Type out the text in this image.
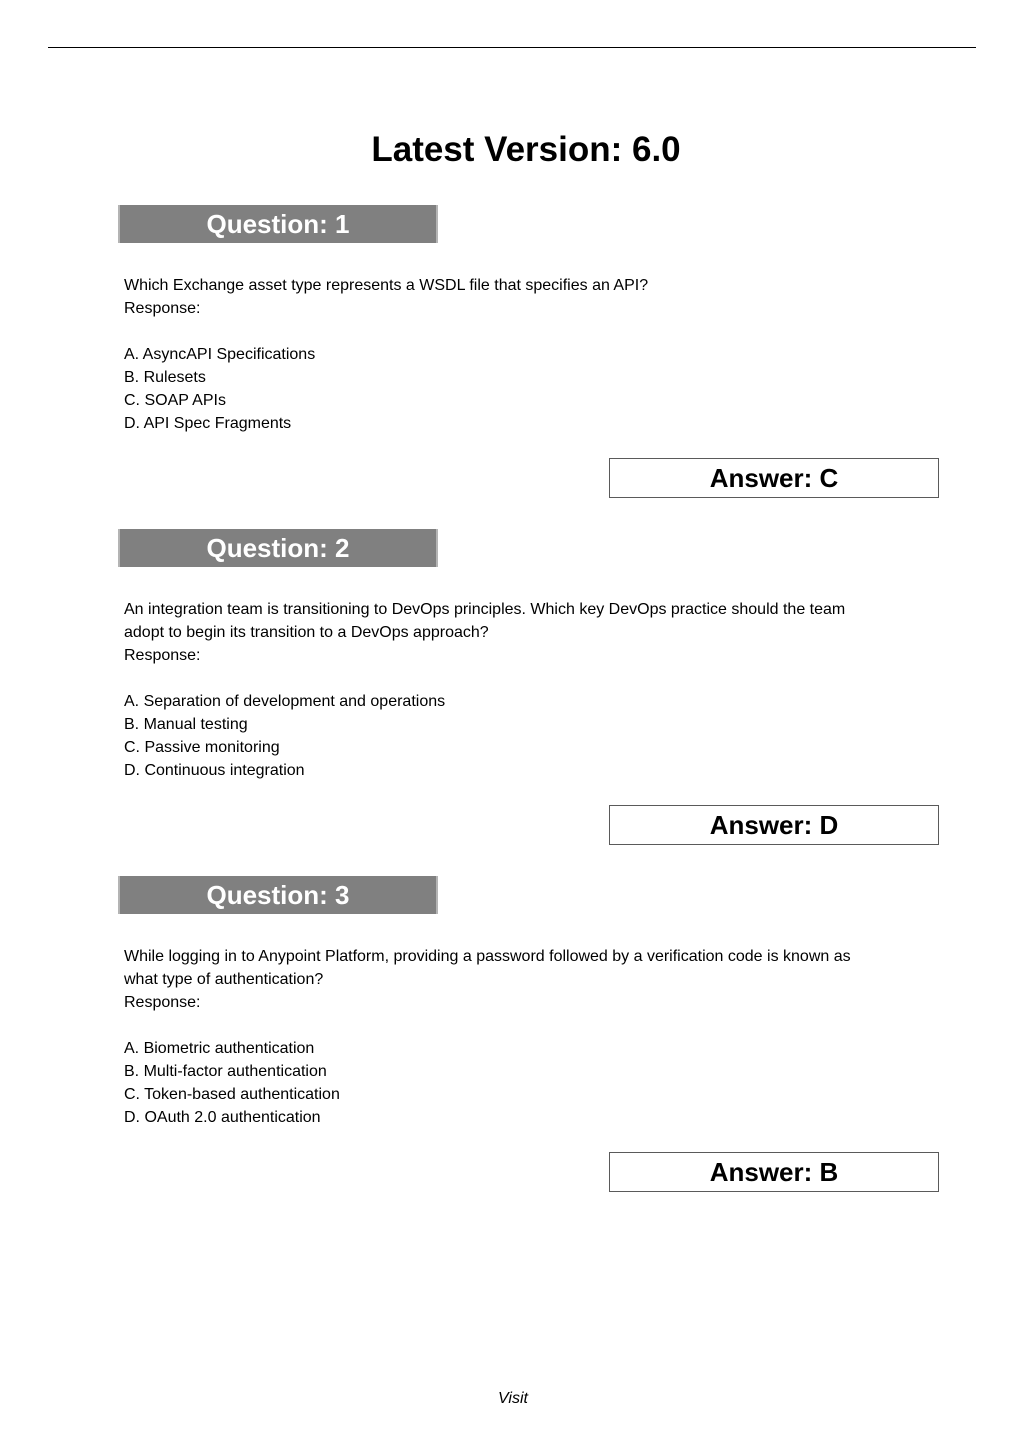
Latest Version: 6.0
Question: 1
Which Exchange asset type represents a WSDL file that specifies an API?
Response:
A. AsyncAPI Specifications
B. Rulesets
C. SOAP APIs
D. API Spec Fragments
Answer: C
Question: 2
An integration team is transitioning to DevOps principles. Which key DevOps practice should the team
adopt to begin its transition to a DevOps approach?
Response:
A. Separation of development and operations
B. Manual testing
C. Passive monitoring
D. Continuous integration
Answer: D
Question: 3
While logging in to Anypoint Platform, providing a password followed by a verification code is known as
what type of authentication?
Response:
A. Biometric authentication
B. Multi-factor authentication
C. Token-based authentication
D. OAuth 2.0 authentication
Answer: B
Visit
